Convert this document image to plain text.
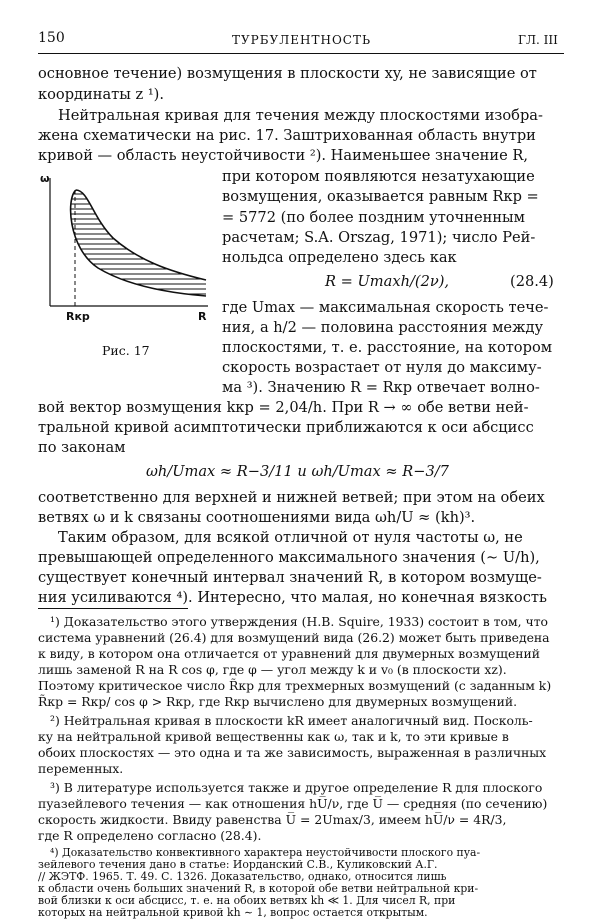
150	ТУРБУЛЕНТНОСТЬ	ГЛ. III
основное течение) возмущения в плоскости xy, не зависящие от
координаты z ¹).
Нейтральная кривая для течения между плоскостями изобра-
жена схематически на рис. 17. Заштрихованная область внутри
кривой — область неустойчивости ²). Наименьшее значение R,
при котором появляются незатухающие
возмущения, оказывается равным Rкр =
= 5772 (по более поздним уточненным
расчетам; S.A. Orszag, 1971); число Рей-
нольдса определено здесь как
R = Umaxh/(2ν),	(28.4)
где Umax — максимальная скорость тече-
ния, а h/2 — половина расстояния между
плоскостями, т. е. расстояние, на котором
скорость возрастает от нуля до максиму-
ма ³). Значению R = Rкр отвечает волно-
вой вектор возмущения kкр = 2,04/h. При R → ∞ обе ветви ней-
тральной кривой асимптотически приближаются к оси абсцисс
по законам
ωh/Umax ≈ R−3/11 и ωh/Umax ≈ R−3/7
соответственно для верхней и нижней ветвей; при этом на обеих
ветвях ω и k связаны соотношениями вида ωh/U ≈ (kh)³.
Таким образом, для всякой отличной от нуля частоты ω, не
превышающей определенного максимального значения (∼ U/h),
существует конечный интервал значений R, в котором возмуще-
ния усиливаются ⁴). Интересно, что малая, но конечная вязкость
ω
Rкр	R
Рис. 17
¹) Доказательство этого утверждения (H.B. Squire, 1933) состоит в том, что
система уравнений (26.4) для возмущений вида (26.2) может быть приведена
к виду, в котором она отличается от уравнений для двумерных возмущений
лишь заменой R на R cos φ, где φ — угол между k и v₀ (в плоскости xz).
Поэтому критическое число R̃кр для трехмерных возмущений (с заданным k)
R̃кр = Rкр/ cos φ > Rкр, где Rкр вычислено для двумерных возмущений.
²) Нейтральная кривая в плоскости kR имеет аналогичный вид. Посколь-
ку на нейтральной кривой вещественны как ω, так и k, то эти кривые в
обоих плоскостях — это одна и та же зависимость, выраженная в различных
переменных.
³) В литературе используется также и другое определение R для плоского
пуазейлевого течения — как отношения hU̅/ν, где U̅ — средняя (по сечению)
скорость жидкости. Ввиду равенства U̅ = 2Umax/3, имеем hU̅/ν = 4R/3,
где R определено согласно (28.4).
⁴) Доказательство конвективного характера неустойчивости плоского пуа-
зейлевого течения дано в статье: Иорданский С.В., Куликовский А.Г.
// ЖЭТФ. 1965. Т. 49. С. 1326. Доказательство, однако, относится лишь
к области очень больших значений R, в которой обе ветви нейтральной кри-
вой близки к оси абсцисс, т. е. на обоих ветвях kh ≪ 1. Для чисел R, при
которых на нейтральной кривой kh ∼ 1, вопрос остается открытым.
